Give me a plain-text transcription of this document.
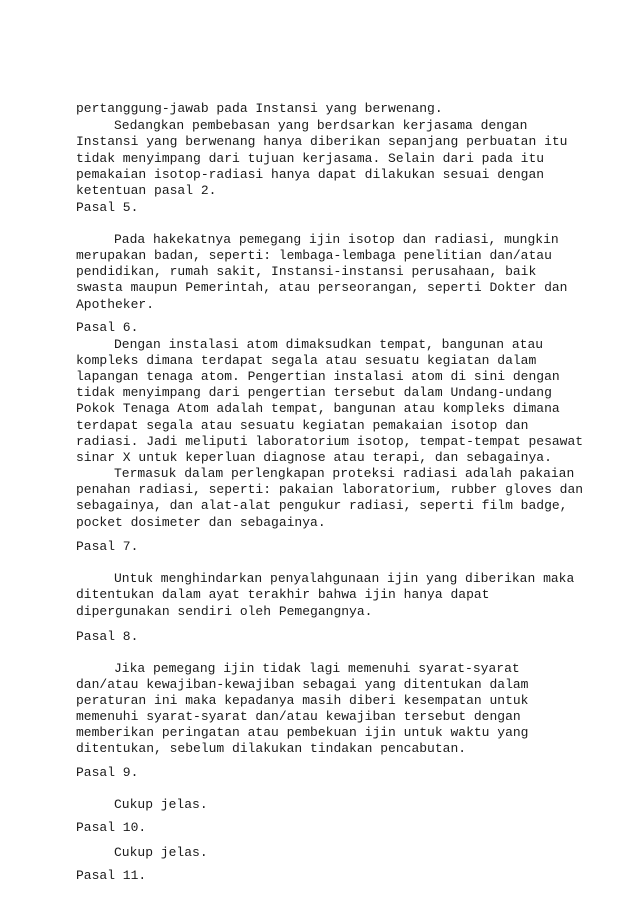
pertanggung-jawab pada Instansi yang berwenang.

Sedangkan pembebasan yang berdsarkan kerjasama dengan

Instansi yang berwenang hanya diberikan sepanjang perbuatan itu

tidak menyimpang dari tujuan kerjasama. Selain dari pada itu

pemakaian isotop-radiasi hanya dapat dilakukan sesuai dengan

ketentuan pasal 2.

Pasal 5.

Pada hakekatnya pemegang ijin isotop dan radiasi, mungkin

merupakan badan, seperti: lembaga-lembaga penelitian dan/atau

pendidikan, rumah sakit, Instansi-instansi perusahaan, baik

swasta maupun Pemerintah, atau perseorangan, seperti Dokter dan

Apotheker.

Pasal 6.

Dengan instalasi atom dimaksudkan tempat, bangunan atau

kompleks dimana terdapat segala atau sesuatu kegiatan dalam

lapangan tenaga atom. Pengertian instalasi atom di sini dengan

tidak menyimpang dari pengertian tersebut dalam Undang-undang

Pokok Tenaga Atom adalah tempat, bangunan atau kompleks dimana

terdapat segala atau sesuatu kegiatan pemakaian isotop dan

radiasi. Jadi meliputi laboratorium isotop, tempat-tempat pesawat

sinar X untuk keperluan diagnose atau terapi, dan sebagainya.

Termasuk dalam perlengkapan proteksi radiasi adalah pakaian

penahan radiasi, seperti: pakaian laboratorium, rubber gloves dan

sebagainya, dan alat-alat pengukur radiasi, seperti film badge,

pocket dosimeter dan sebagainya.

Pasal 7.

Untuk menghindarkan penyalahgunaan ijin yang diberikan maka

ditentukan dalam ayat terakhir bahwa ijin hanya dapat

dipergunakan sendiri oleh Pemegangnya.

Pasal 8.

Jika pemegang ijin tidak lagi memenuhi syarat-syarat

dan/atau kewajiban-kewajiban sebagai yang ditentukan dalam

peraturan ini maka kepadanya masih diberi kesempatan untuk

memenuhi syarat-syarat dan/atau kewajiban tersebut dengan

memberikan peringatan atau pembekuan ijin untuk waktu yang

ditentukan, sebelum dilakukan tindakan pencabutan.

Pasal 9.

Cukup jelas.

Pasal 10.

Cukup jelas.

Pasal 11.
